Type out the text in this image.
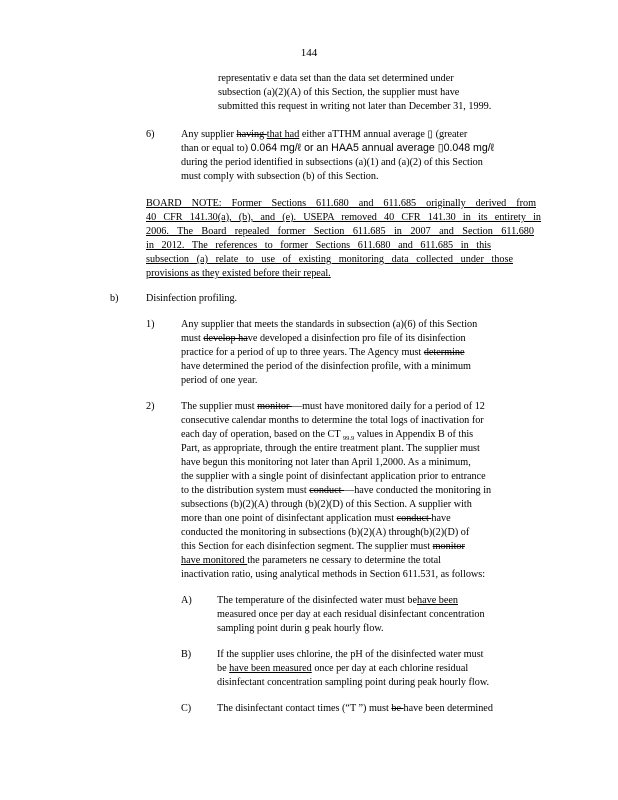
144
representativ e data set than the data set determined under
subsection (a)(2)(A) of this Section, the supplier must have
submitted this request in writing not later than December 31, 1999.
6)	Any supplier having that had either aTTHM annual average ▯ (greater
than or equal to) 0.064 mg/ℓ or an HAA5 annual average ▯0.048 mg/ℓ
during the period identified in subsections (a)(1) and (a)(2) of this Section
must comply with subsection (b) of this Section.
BOARD NOTE: Former Sections 611.680 and 611.685 originally derived from
40 CFR 141.30(a), (b), and (e). USEPA removed 40 CFR 141.30 in its entirety in
2006. The Board repealed former Section 611.685 in 2007 and Section 611.680
in 2012. The references to former Sections 611.680 and 611.685 in this
subsection (a) relate to use of existing monitoring data collected under those
provisions as they existed before their repeal.
b)	Disinfection profiling.
1)	Any supplier that meets the standards in subsection (a)(6) of this Section
must develop have developed a disinfection pro file of its disinfection
practice for a period of up to three years. The Agency must determine
have determined the period of the disinfection profile, with a minimum
period of one year.
2)	The supplier must monitor —must have monitored daily for a period of 12
consecutive calendar months to determine the total logs of inactivation for
each day of operation, based on the CT $_{99.9}$ values in Appendix B of this
Part, as appropriate, through the entire treatment plant. The supplier must
have begun this monitoring not later than April 1,2000. As a minimum,
the supplier with a single point of disinfectant application prior to entrance
to the distribution system must conduct —have conducted the monitoring in
subsections (b)(2)(A) through (b)(2)(D) of this Section. A supplier with
more than one point of disinfectant application must conduct have
conducted the monitoring in subsections (b)(2)(A) through(b)(2)(D) of
this Section for each disinfection segment. The supplier must monitor
have monitored the parameters ne cessary to determine the total
inactivation ratio, using analytical methods in Section 611.531, as follows:
A) The temperature of the disinfected water must behave been
measured once per day at each residual disinfectant concentration
sampling point durin g peak hourly flow.
B)	If the supplier uses chlorine, the pH of the disinfected water must
be have been measured once per day at each chlorine residual
disinfectant concentration sampling point during peak hourly flow.
C)	The disinfectant contact times (“T ”) must be have been determined
